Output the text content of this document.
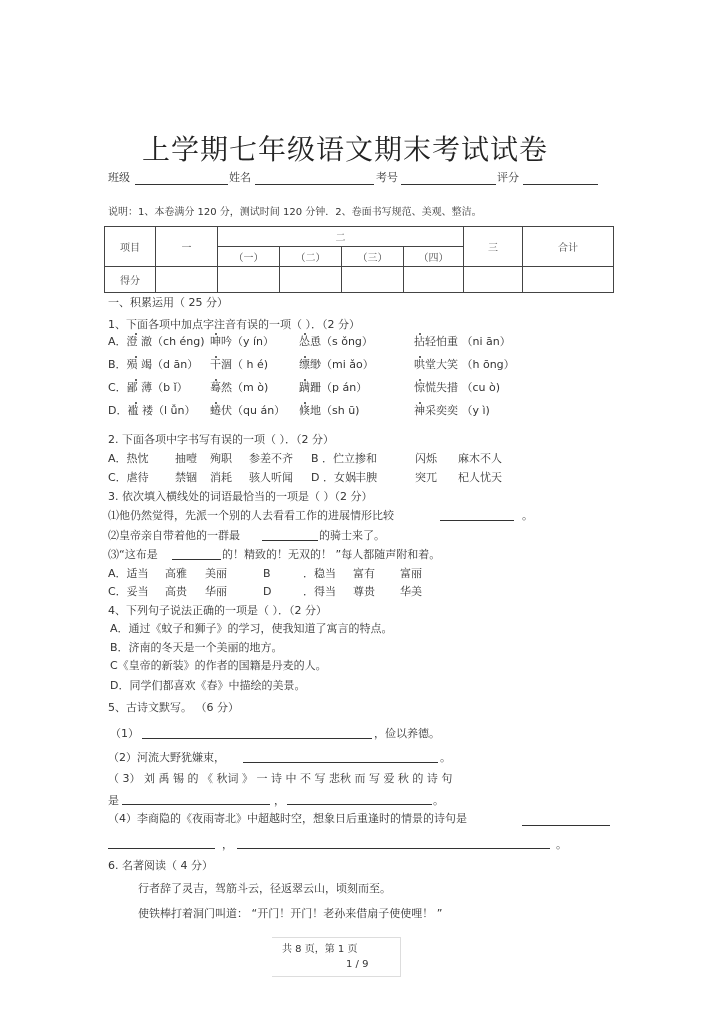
上学期七年级语文期末考试试卷
班级	姓名	考号	评分
说明：1、本卷满分 120 分，测试时间 120 分钟．2、卷面书写规范、美观、整洁。
项目	一	二				三	合计
		（一）	（二）	（三）	（四）		
得分							
一、积累运用（ 25 分）
1、下面各项中加点字注音有误的一项（ ）．（2 分）
A．澄 澈（ch éng) 呻吟（y ín） 怂恿（s ǒng）	拈轻怕重 （ni ān）
B．殒 竭（d ān） 干涸（ h é)	缥缈（mi ǎo）	哄堂大笑 （h ōng）
C．鄙 薄（b ǐ） 蓦然（m ò)	蹒跚（p án）	惊慌失措 （cu ò)
D．褴 褛（l ǚn） 蜷伏（qu án） 倏地（sh ū)	神采奕奕 （y ì)
2. 下面各项中字书写有误的一项（ ）．（2 分）
A．热忱 抽噎 殉职 参差不齐 B ．伫立 掺和	闪烁 麻木不人
C．虐待 禁锢 消耗 骇人听闻 D ．女娲 丰腴	突兀 杞人忧天
3. 依次填入横线处的词语最恰当的一项是（ ）（2 分）
⑴他仍然觉得，先派一个别的人去看看工作的进展情形比较	。
⑵皇帝亲自带着他的一群最	的骑士来了。
⑶“这布是	的！精致的！无双的！ ”每人都随声附和着。
A．适当 高雅 美丽	B	．稳当 富有 富丽
C．妥当 高贵 华丽	D	．得当 尊贵 华美
4、下列句子说法正确的一项是（ ）．（2 分）
A．通过《蚊子和狮子》的学习，使我知道了寓言的特点。
B．济南的冬天是一个美丽的地方。
C《皇帝的新装》的作者的国籍是丹麦的人。
D．同学们都喜欢《春》中描绘的美景。
5、古诗文默写。 （6 分）
（1）	，俭以养德。
（2）河流大野犹嫌束，	。
（ 3） 刘 禹 锡 的 《 秋词 》 一 诗 中 不 写 悲秋 而 写 爱 秋 的 诗 句
是	，	。
（4）李商隐的《夜雨寄北》中超越时空，想象日后重逢时的情景的诗句是
，	。
6. 名著阅读（ 4 分）
行者辞了灵吉，驾筋斗云，径返翠云山，顷刻而至。
使铁棒打着洞门叫道： “开门！开门！老孙来借扇子使使哩！ ”
共 8 页，第 1 页
1 / 9
